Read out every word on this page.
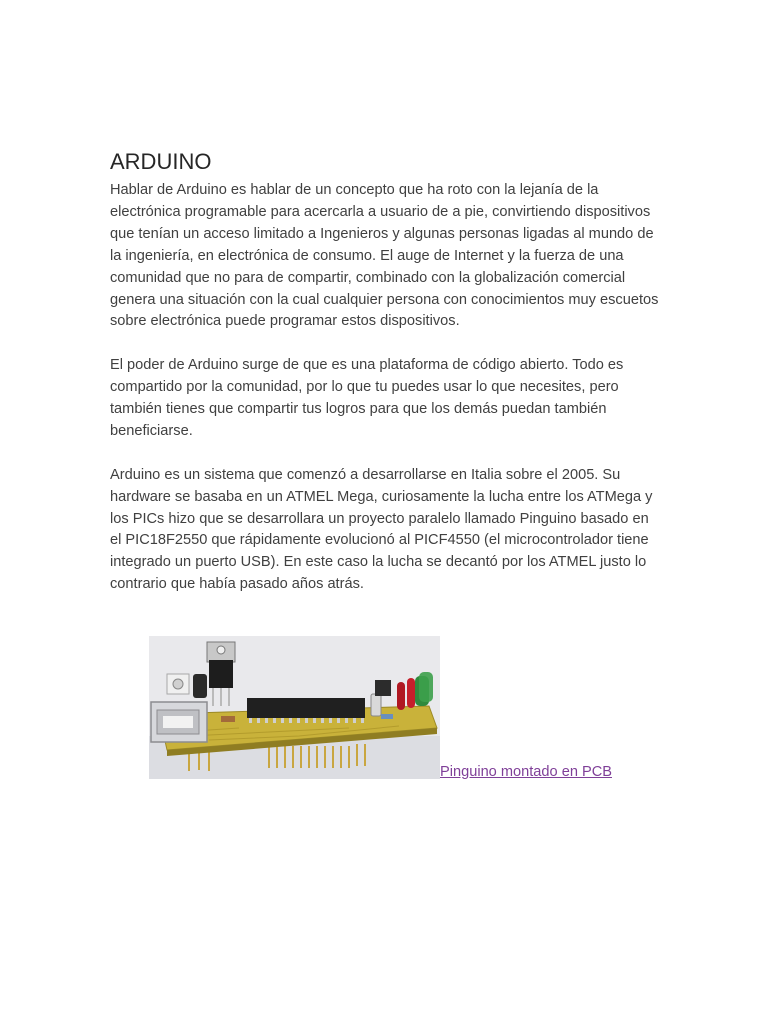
ARDUINO

Hablar de Arduino es hablar de un concepto que ha roto con la lejanía de la electrónica programable para acercarla a usuario de a pie, convirtiendo dispositivos que tenían un acceso limitado a Ingenieros y algunas personas ligadas al mundo de la ingeniería, en electrónica de consumo. El auge de Internet y la fuerza de una comunidad que no para de compartir, combinado con la globalización comercial genera una situación con la cual cualquier persona con conocimientos muy escuetos sobre electrónica puede programar estos dispositivos.

El poder de Arduino surge de que es una plataforma de código abierto. Todo es compartido por la comunidad, por lo que tu puedes usar lo que necesites, pero también tienes que compartir tus logros para que los demás puedan también beneficiarse.

Arduino es un sistema que comenzó a desarrollarse en Italia sobre el 2005. Su hardware se basaba en un ATMEL Mega, curiosamente la lucha entre los ATMega y los PICs hizo que se desarrollara un proyecto paralelo llamado Pinguino basado en el PIC18F2550 que rápidamente evolucionó al PICF4550 (el microcontrolador tiene integrado un puerto USB). En este caso la lucha se decantó por los ATMEL justo lo contrario que había pasado años atrás.

Pinguino montado en PCB
